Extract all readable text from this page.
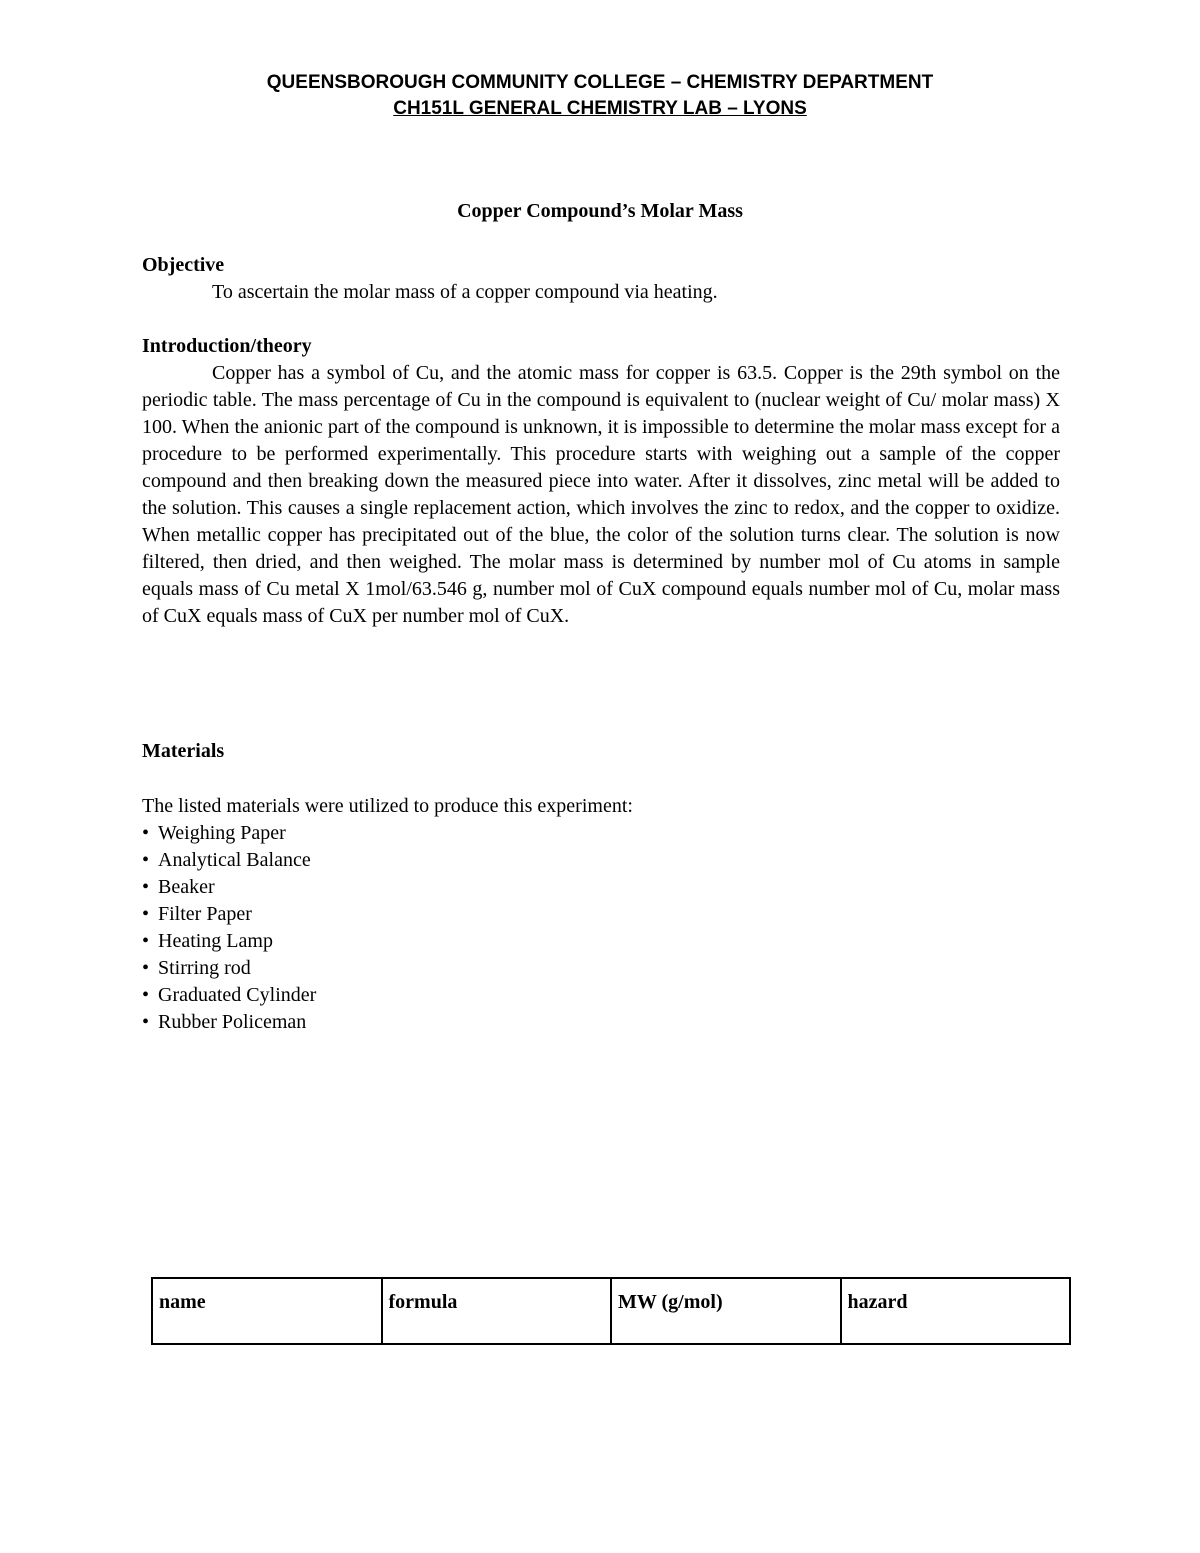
QUEENSBOROUGH COMMUNITY COLLEGE – CHEMISTRY DEPARTMENT
CH151L GENERAL CHEMISTRY LAB – LYONS
Copper Compound’s Molar Mass

Objective

To ascertain the molar mass of a copper compound via heating.

Introduction/theory

Copper has a symbol of Cu, and the atomic mass for copper is 63.5. Copper is the 29th symbol on the periodic table. The mass percentage of Cu in the compound is equivalent to (nuclear weight of Cu/ molar mass) X 100. When the anionic part of the compound is unknown, it is impossible to determine the molar mass except for a procedure to be performed experimentally. This procedure starts with weighing out a sample of the copper compound and then breaking down the measured piece into water. After it dissolves, zinc metal will be added to the solution. This causes a single replacement action, which involves the zinc to redox, and the copper to oxidize. When metallic copper has precipitated out of the blue, the color of the solution turns clear. The solution is now filtered, then dried, and then weighed. The molar mass is determined by number mol of Cu atoms in sample equals mass of Cu metal X 1mol/63.546 g, number mol of CuX compound equals number mol of Cu, molar mass of CuX equals mass of CuX per number mol of CuX.

Materials

The listed materials were utilized to produce this experiment:

• Weighing Paper
• Analytical Balance
• Beaker
• Filter Paper
• Heating Lamp
• Stirring rod
• Graduated Cylinder
• Rubber Policeman
name	formula	MW (g/mol)	hazard
